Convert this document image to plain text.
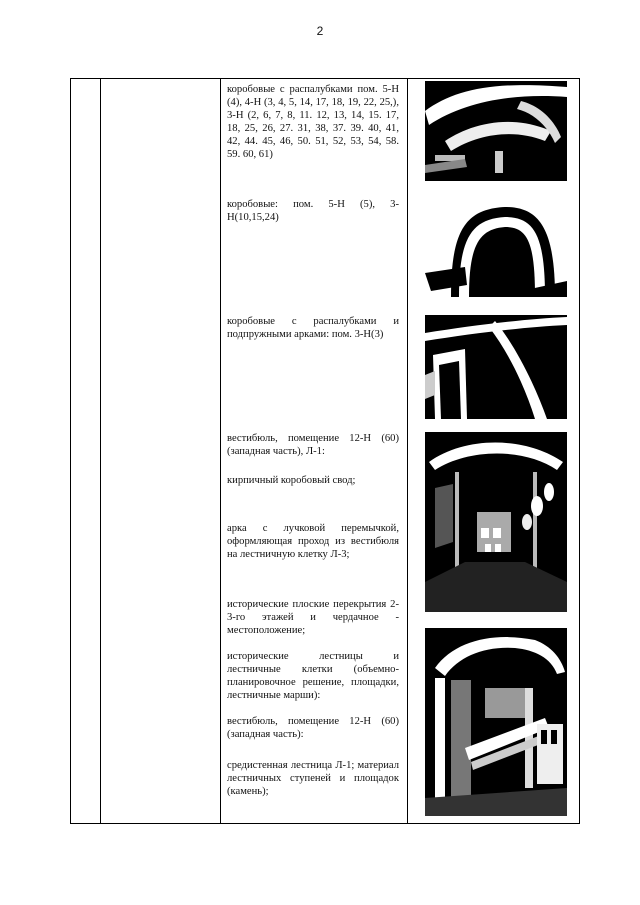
2
коробовые с распалубками пом. 5-Н (4), 4-Н (3, 4, 5, 14, 17, 18, 19, 22, 25,), 3-Н (2, 6, 7, 8, 11. 12, 13, 14, 15. 17, 18, 25, 26, 27. 31, 38, 37. 39. 40, 41, 42, 44. 45, 46, 50. 51, 52, 53, 54, 58. 59. 60, 61)
коробовые: пом. 5-Н (5), 3-Н(10,15,24)
коробовые с распалубками и подпружными арками: пом. 3-Н(3)
вестибюль, помещение 12-Н (60) (западная часть), Л-1:
кирпичный коробовый свод;
арка с лучковой перемычкой, оформляющая проход из вестибюля на лестничную клетку Л-3;
исторические плоские перекрытия 2-3-го этажей и чердачное - местоположение;
исторические лестницы и лестничные клетки (объемно-планировочное решение, площадки, лестничные марши):
вестибюль, помещение 12-Н (60) (западная часть):
средистенная лестница Л-1; материал лестничных ступеней и площадок (камень);
